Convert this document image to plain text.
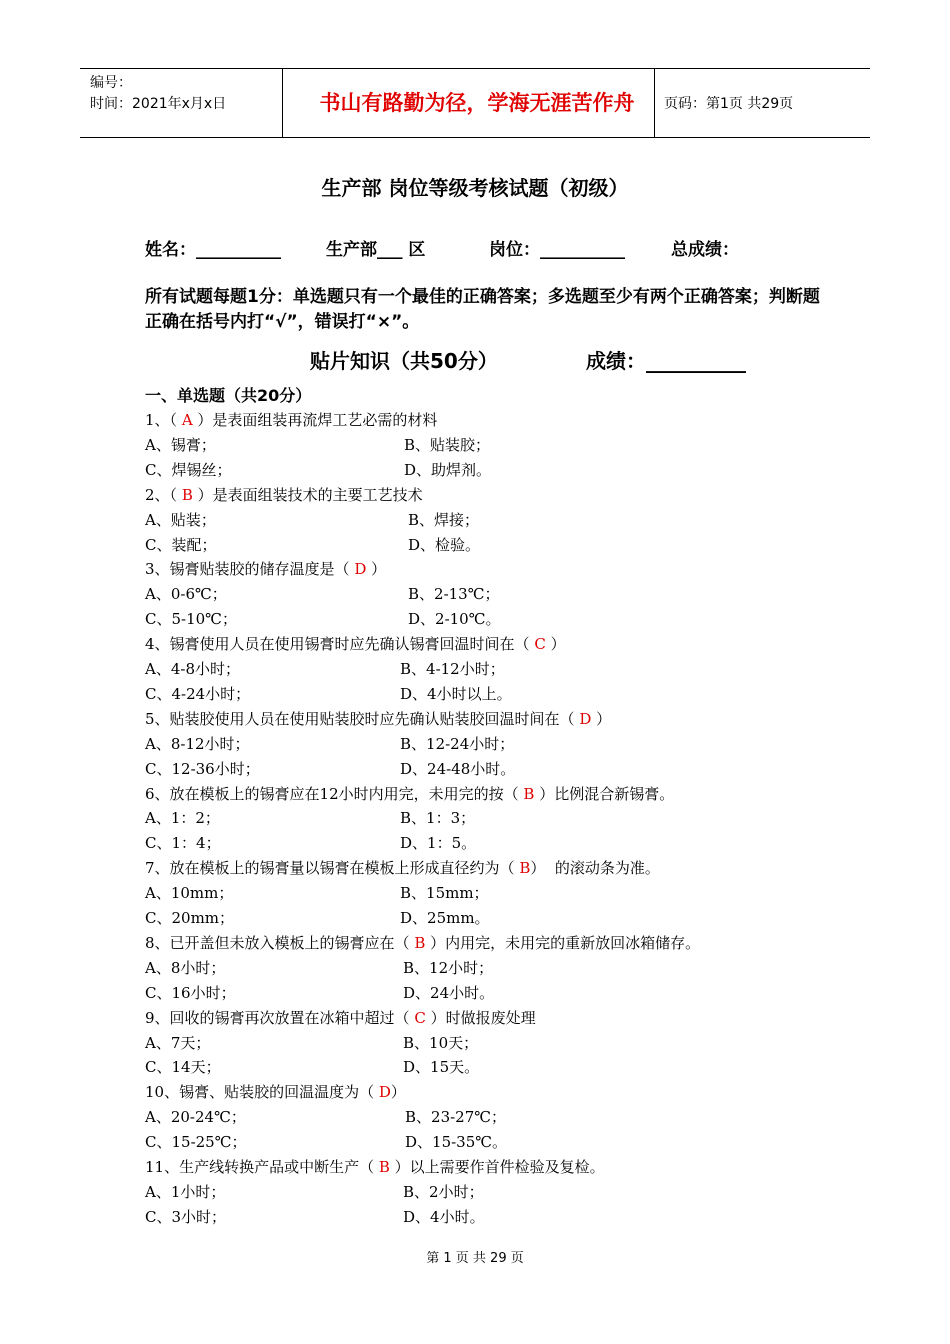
编号：
时间：2021年x月x日	书山有路勤为径，学海无涯苦作舟	页码：第1页 共29页
生产部 岗位等级考核试题（初级）

姓名：__________

	生产部___ 区

	岗位：__________

	总成绩：

所有试题每题1分：单选题只有一个最佳的正确答案；多选题至少有两个正确答案；判断题正确在括号内打“√”，错误打“×”。
贴片知识（共50分）	成绩：__________
一、单选题（共20分）
1、（ A ）是表面组装再流焊工艺必需的材料
A、锡膏；	B、贴装胶；
C、焊锡丝；	D、助焊剂。
2、（ B ）是表面组装技术的主要工艺技术
A、贴装；	B、焊接；
C、装配；	D、检验。
3、锡膏贴装胶的储存温度是（ D ）
A、0-6℃；	B、2-13℃；
C、5-10℃；	D、2-10℃。
4、锡膏使用人员在使用锡膏时应先确认锡膏回温时间在（ C ）
A、4-8小时；	B、4-12小时；
C、4-24小时；	D、4小时以上。
5、贴装胶使用人员在使用贴装胶时应先确认贴装胶回温时间在（ D ）
A、8-12小时；	B、12-24小时；
C、12-36小时；	D、24-48小时。
6、放在模板上的锡膏应在12小时内用完，未用完的按（ B ）比例混合新锡膏。
A、1：2；	B、1：3；
C、1：4；	D、1：5。
7、放在模板上的锡膏量以锡膏在模板上形成直径约为（ B）  的滚动条为准。
A、10mm；	B、15mm；
C、20mm；	D、25mm。
8、已开盖但未放入模板上的锡膏应在（ B ）内用完，未用完的重新放回冰箱储存。
A、8小时；	B、12小时；
C、16小时；	D、24小时。
9、回收的锡膏再次放置在冰箱中超过（ C ）时做报废处理
A、7天；	B、10天；
C、14天；	D、15天。
10、锡膏、贴装胶的回温温度为（ D）
A、20-24℃；	B、23-27℃；
C、15-25℃；	D、15-35℃。
11、生产线转换产品或中断生产（ B ）以上需要作首件检验及复检。
A、1小时；	B、2小时；
C、3小时；	D、4小时。
第 1 页 共 29 页
